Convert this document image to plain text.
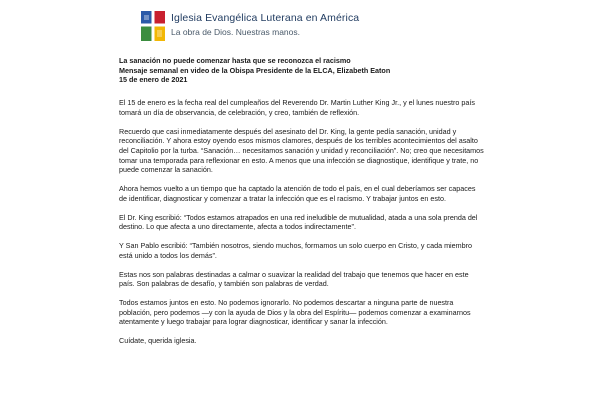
Iglesia Evangélica Luterana en América
La obra de Dios. Nuestras manos.
La sanación no puede comenzar hasta que se reconozca el racismo
Mensaje semanal en video de la Obispa Presidente de la ELCA, Elizabeth Eaton
15 de enero de 2021

El 15 de enero es la fecha real del cumpleaños del Reverendo Dr. Martin Luther King Jr., y el lunes nuestro país tomará un día de observancia, de celebración, y creo, también de reflexión.

Recuerdo que casi inmediatamente después del asesinato del Dr. King, la gente pedía sanación, unidad y reconciliación. Y ahora estoy oyendo esos mismos clamores, después de los terribles acontecimientos del asalto del Capitolio por la turba. “Sanación… necesitamos sanación y unidad y reconciliación”. No; creo que necesitamos tomar una temporada para reflexionar en esto. A menos que una infección se diagnostique, identifique y trate, no puede comenzar la sanación.

Ahora hemos vuelto a un tiempo que ha captado la atención de todo el país, en el cual deberíamos ser capaces de identificar, diagnosticar y comenzar a tratar la infección que es el racismo. Y trabajar juntos en esto.

El Dr. King escribió: “Todos estamos atrapados en una red ineludible de mutualidad, atada a una sola prenda del destino. Lo que afecta a uno directamente, afecta a todos indirectamente”.

Y San Pablo escribió: “También nosotros, siendo muchos, formamos un solo cuerpo en Cristo, y cada miembro está unido a todos los demás”.

Estas nos son palabras destinadas a calmar o suavizar la realidad del trabajo que tenemos que hacer en este país. Son palabras de desafío, y también son palabras de verdad.

Todos estamos juntos en esto. No podemos ignorarlo. No podemos descartar a ninguna parte de nuestra población, pero podemos —y con la ayuda de Dios y la obra del Espíritu— podemos comenzar a examinarnos atentamente y luego trabajar para lograr diagnosticar, identificar y sanar la infección.

Cuídate, querida iglesia.
